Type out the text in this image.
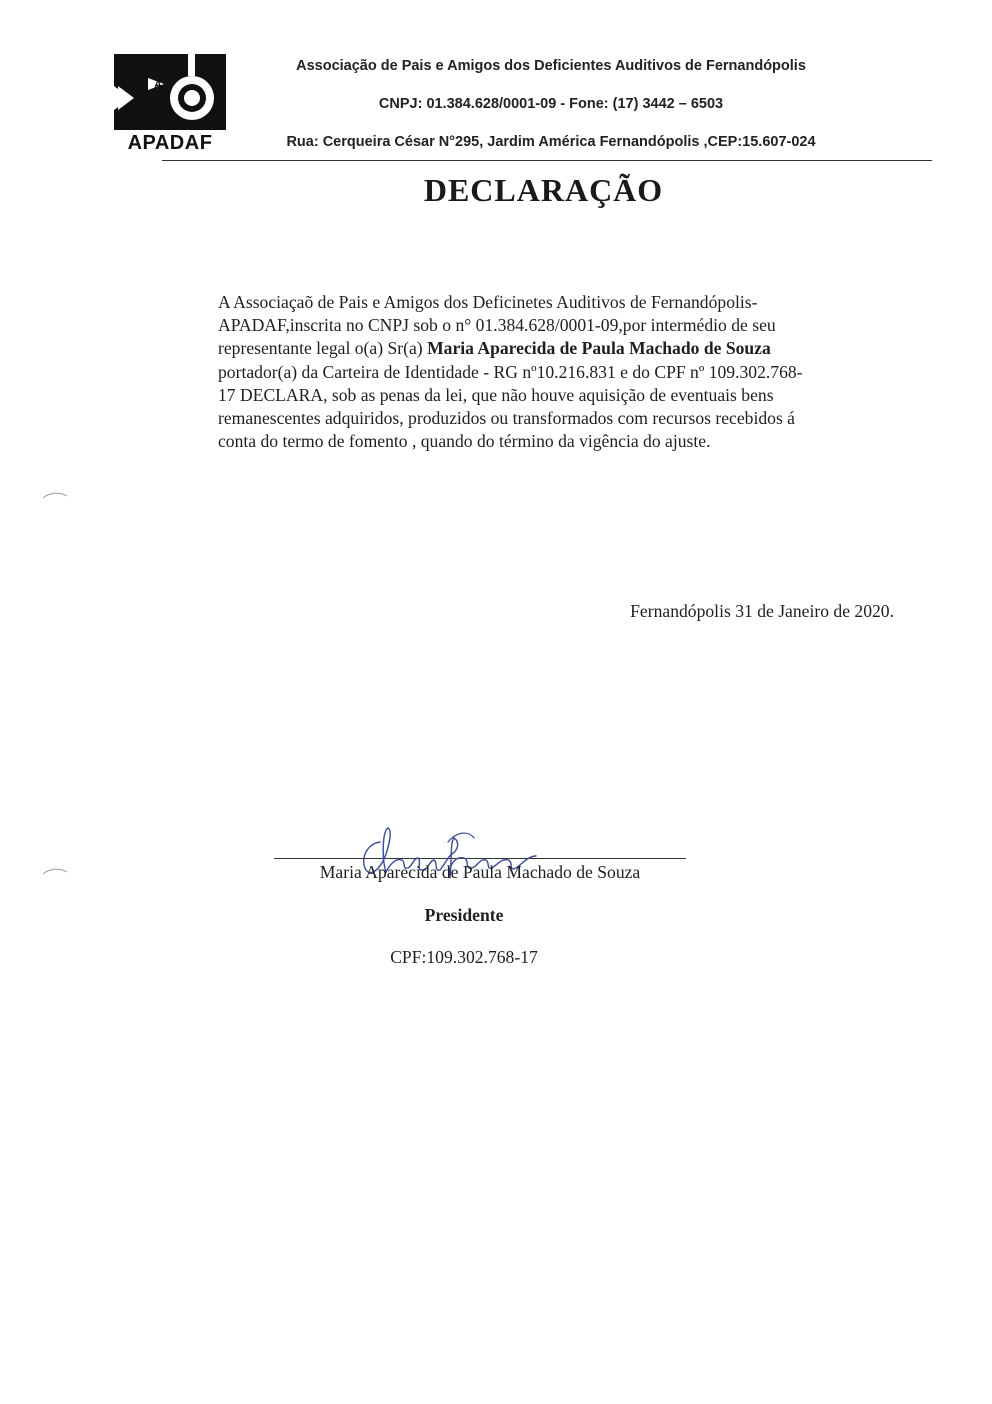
A
APADAF
Associação de Pais e Amigos dos Deficientes Auditivos de Fernandópolis
CNPJ: 01.384.628/0001-09 - Fone: (17) 3442 – 6503
Rua: Cerqueira César N°295, Jardim América Fernandópolis ,CEP:15.607-024
DECLARAÇÃO

A Associaçaõ de Pais e Amigos dos Deficinetes Auditivos de Fernandópolis-
APADAF,inscrita no CNPJ sob o n° 01.384.628/0001-09,por intermédio de seu
representante legal o(a) Sr(a) Maria Aparecida de Paula Machado de Souza
portador(a) da Carteira de Identidade - RG nº10.216.831 e do CPF nº 109.302.768-
17 DECLARA, sob as penas da lei, que não houve aquisição de eventuais bens
remanescentes adquiridos, produzidos ou transformados com recursos recebidos á
conta do termo de fomento , quando do término da vigência do ajuste.

Fernandópolis 31 de Janeiro de 2020.
Maria Aparecida de Paula Machado de Souza
Presidente
CPF:109.302.768-17
